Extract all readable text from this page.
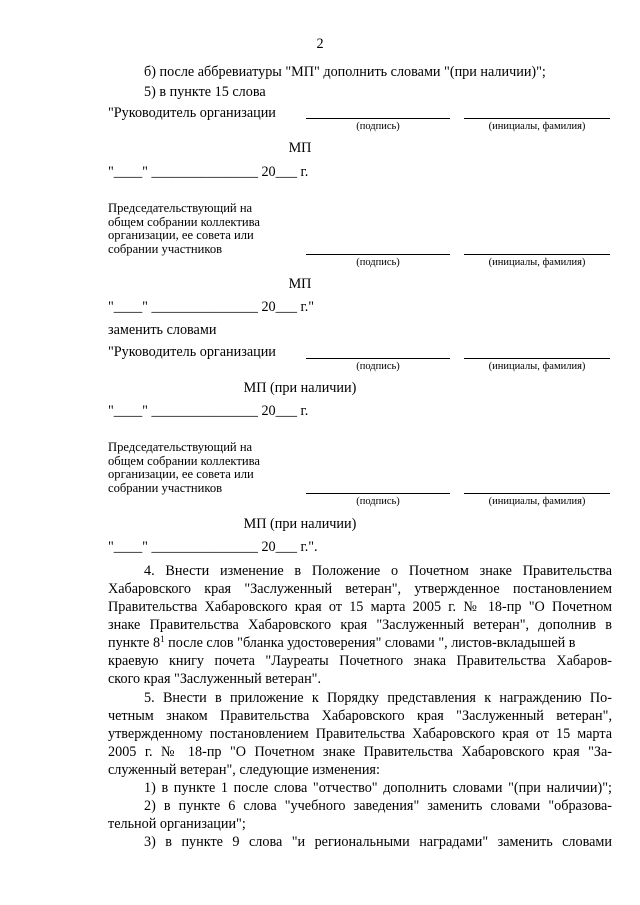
2
б) после аббревиатуры "МП" дополнить словами "(при наличии)";
5) в пункте 15 слова
"Руководитель организации
(подпись)	(инициалы, фамилия)
МП
"____" _______________ 20___ г.
Председательствующий на
общем собрании коллектива
организации, ее совета или
собрании участников
(подпись)	(инициалы, фамилия)
МП
"____" _______________ 20___ г."
заменить словами
"Руководитель организации
(подпись)	(инициалы, фамилия)
МП (при наличии)
"____" _______________ 20___ г.
Председательствующий на
общем собрании коллектива
организации, ее совета или
собрании участников
(подпись)	(инициалы, фамилия)
МП (при наличии)
"____" _______________ 20___ г.".
4. Внести изменение в Положение о Почетном знаке Правительства
Хабаровского края "Заслуженный ветеран", утвержденное постановлением
Правительства Хабаровского края от 15 марта 2005 г. № 18-пр "О Почетном
знаке Правительства Хабаровского края "Заслуженный ветеран", дополнив в
пункте $8^1$ после слов "бланка удостоверения" словами ", листов-вкладышей в
краевую книгу почета "Лауреаты Почетного знака Правительства Хабаров-
ского края "Заслуженный ветеран".
5. Внести в приложение к Порядку представления к награждению По-
четным знаком Правительства Хабаровского края "Заслуженный ветеран",
утвержденному постановлением Правительства Хабаровского края от 15 марта
2005 г. № 18-пр "О Почетном знаке Правительства Хабаровского края "За-
служенный ветеран", следующие изменения:
1) в пункте 1 после слова "отчество" дополнить словами "(при наличии)";
2) в пункте 6 слова "учебного заведения" заменить словами "образова-
тельной организации";
3) в пункте 9 слова "и региональными наградами" заменить словами
